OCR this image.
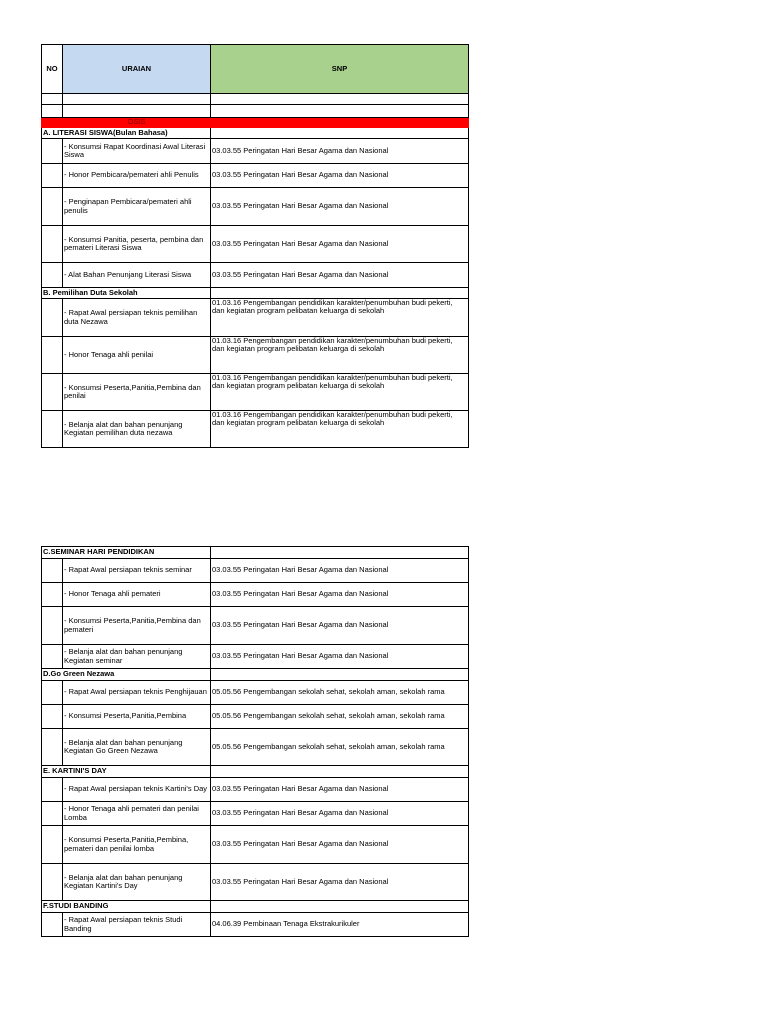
NO	URAIAN	SNP

	OSIS	
A. LITERASI SISWA(Bulan Bahasa)		
	- Konsumsi Rapat Koordinasi Awal Literasi Siswa	03.03.55 Peringatan Hari Besar Agama dan Nasional
	- Honor Pembicara/pemateri ahli Penulis	03.03.55 Peringatan Hari Besar Agama dan Nasional
	- Penginapan Pembicara/pemateri ahli penulis	03.03.55 Peringatan Hari Besar Agama dan Nasional
	- Konsumsi Panitia, peserta, pembina dan pemateri Literasi Siswa	03.03.55 Peringatan Hari Besar Agama dan Nasional
	- Alat Bahan Penunjang Literasi Siswa	03.03.55 Peringatan Hari Besar Agama dan Nasional
B. Pemilihan Duta Sekolah		
	- Rapat Awal persiapan teknis pemilihan duta Nezawa	01.03.16 Pengembangan pendidikan karakter/penumbuhan budi pekerti, dan kegiatan program pelibatan keluarga di sekolah
	- Honor Tenaga ahli penilai	01.03.16 Pengembangan pendidikan karakter/penumbuhan budi pekerti, dan kegiatan program pelibatan keluarga di sekolah
	- Konsumsi Peserta,Panitia,Pembina dan penilai	01.03.16 Pengembangan pendidikan karakter/penumbuhan budi pekerti, dan kegiatan program pelibatan keluarga di sekolah
	- Belanja alat dan bahan penunjang Kegiatan pemilihan duta nezawa	01.03.16 Pengembangan pendidikan karakter/penumbuhan budi pekerti, dan kegiatan program pelibatan keluarga di sekolah
C.SEMINAR HARI PENDIDIKAN		
	- Rapat Awal persiapan teknis seminar	03.03.55 Peringatan Hari Besar Agama dan Nasional
	- Honor Tenaga ahli pemateri	03.03.55 Peringatan Hari Besar Agama dan Nasional
	- Konsumsi Peserta,Panitia,Pembina dan pemateri	03.03.55 Peringatan Hari Besar Agama dan Nasional
	- Belanja alat dan bahan penunjang Kegiatan seminar	03.03.55 Peringatan Hari Besar Agama dan Nasional
D.Go Green Nezawa		
	- Rapat Awal persiapan teknis Penghijauan	05.05.56 Pengembangan sekolah sehat, sekolah aman, sekolah rama
	- Konsumsi Peserta,Panitia,Pembina	05.05.56 Pengembangan sekolah sehat, sekolah aman, sekolah rama
	- Belanja alat dan bahan penunjang Kegiatan Go Green Nezawa	05.05.56 Pengembangan sekolah sehat, sekolah aman, sekolah rama
E. KARTINI'S DAY		
	- Rapat Awal persiapan teknis Kartini's Day	03.03.55 Peringatan Hari Besar Agama dan Nasional
	- Honor Tenaga ahli pemateri dan penilai Lomba	03.03.55 Peringatan Hari Besar Agama dan Nasional
	- Konsumsi Peserta,Panitia,Pembina, pemateri dan penilai lomba	03.03.55 Peringatan Hari Besar Agama dan Nasional
	- Belanja alat dan bahan penunjang Kegiatan Kartini's Day	03.03.55 Peringatan Hari Besar Agama dan Nasional
F.STUDI BANDING		
	- Rapat Awal persiapan teknis Studi Banding	04.06.39 Pembinaan Tenaga Ekstrakurikuler
